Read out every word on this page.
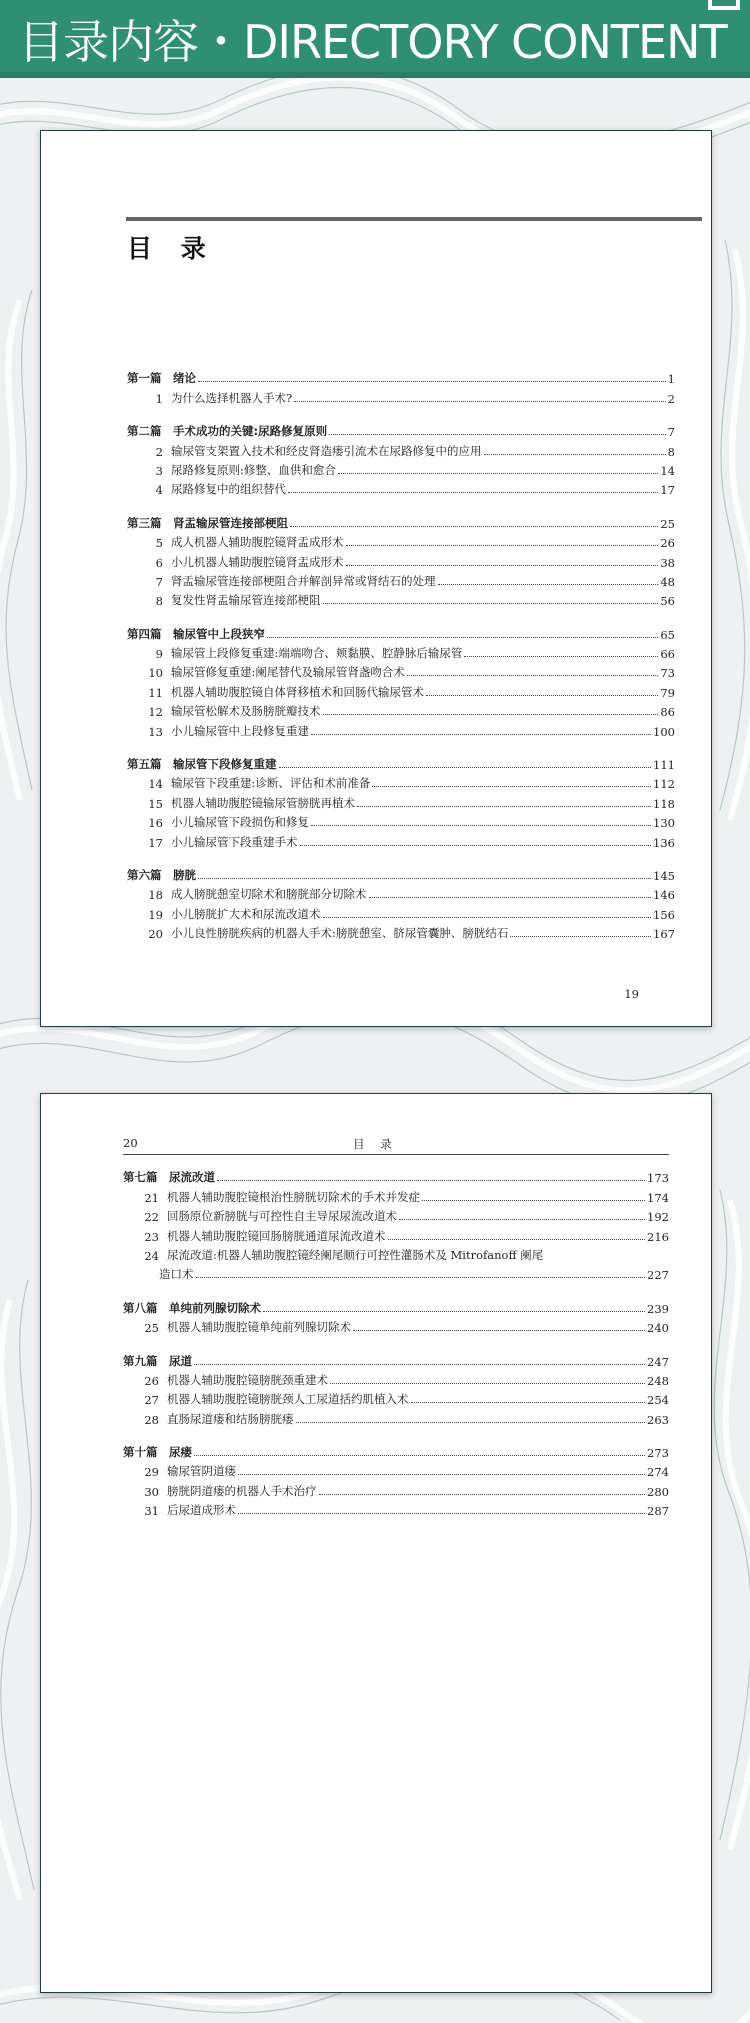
目录内容・DIRECTORY CONTENT
目 录
第一篇　绪论	1
1 为什么选择机器人手术?	2
第二篇　手术成功的关键:尿路修复原则	7
2 输尿管支架置入技术和经皮肾造瘘引流术在尿路修复中的应用	8
3 尿路修复原则:修整、血供和愈合	14
4 尿路修复中的组织替代	17
第三篇　肾盂输尿管连接部梗阻	25
5 成人机器人辅助腹腔镜肾盂成形术	26
6 小儿机器人辅助腹腔镜肾盂成形术	38
7 肾盂输尿管连接部梗阻合并解剖异常或肾结石的处理	48
8 复发性肾盂输尿管连接部梗阻	56
第四篇　输尿管中上段狭窄	65
9 输尿管上段修复重建:端端吻合、颊黏膜、腔静脉后输尿管	66
10 输尿管修复重建:阑尾替代及输尿管肾盏吻合术	73
11 机器人辅助腹腔镜自体肾移植术和回肠代输尿管术	79
12 输尿管松解术及肠膀胱瓣技术	86
13 小儿输尿管中上段修复重建	100
第五篇　输尿管下段修复重建	111
14 输尿管下段重建:诊断、评估和术前准备	112
15 机器人辅助腹腔镜输尿管膀胱再植术	118
16 小儿输尿管下段损伤和修复	130
17 小儿输尿管下段重建手术	136
第六篇　膀胱	145
18 成人膀胱憩室切除术和膀胱部分切除术	146
19 小儿膀胱扩大术和尿流改道术	156
20 小儿良性膀胱疾病的机器人手术:膀胱憩室、脐尿管囊肿、膀胱结石	167
19
20	目 录
第七篇　尿流改道	173
21 机器人辅助腹腔镜根治性膀胱切除术的手术并发症	174
22 回肠原位新膀胱与可控性自主导尿尿流改道术	192
23 机器人辅助腹腔镜回肠膀胱通道尿流改道术	216
24 尿流改道:机器人辅助腹腔镜经阑尾顺行可控性灌肠术及 Mitrofanoff 阑尾
造口术	227
第八篇　单纯前列腺切除术	239
25 机器人辅助腹腔镜单纯前列腺切除术	240
第九篇　尿道	247
26 机器人辅助腹腔镜膀胱颈重建术	248
27 机器人辅助腹腔镜膀胱颈人工尿道括约肌植入术	254
28 直肠尿道瘘和结肠膀胱瘘	263
第十篇　尿瘘	273
29 输尿管阴道瘘	274
30 膀胱阴道瘘的机器人手术治疗	280
31 后尿道成形术	287
